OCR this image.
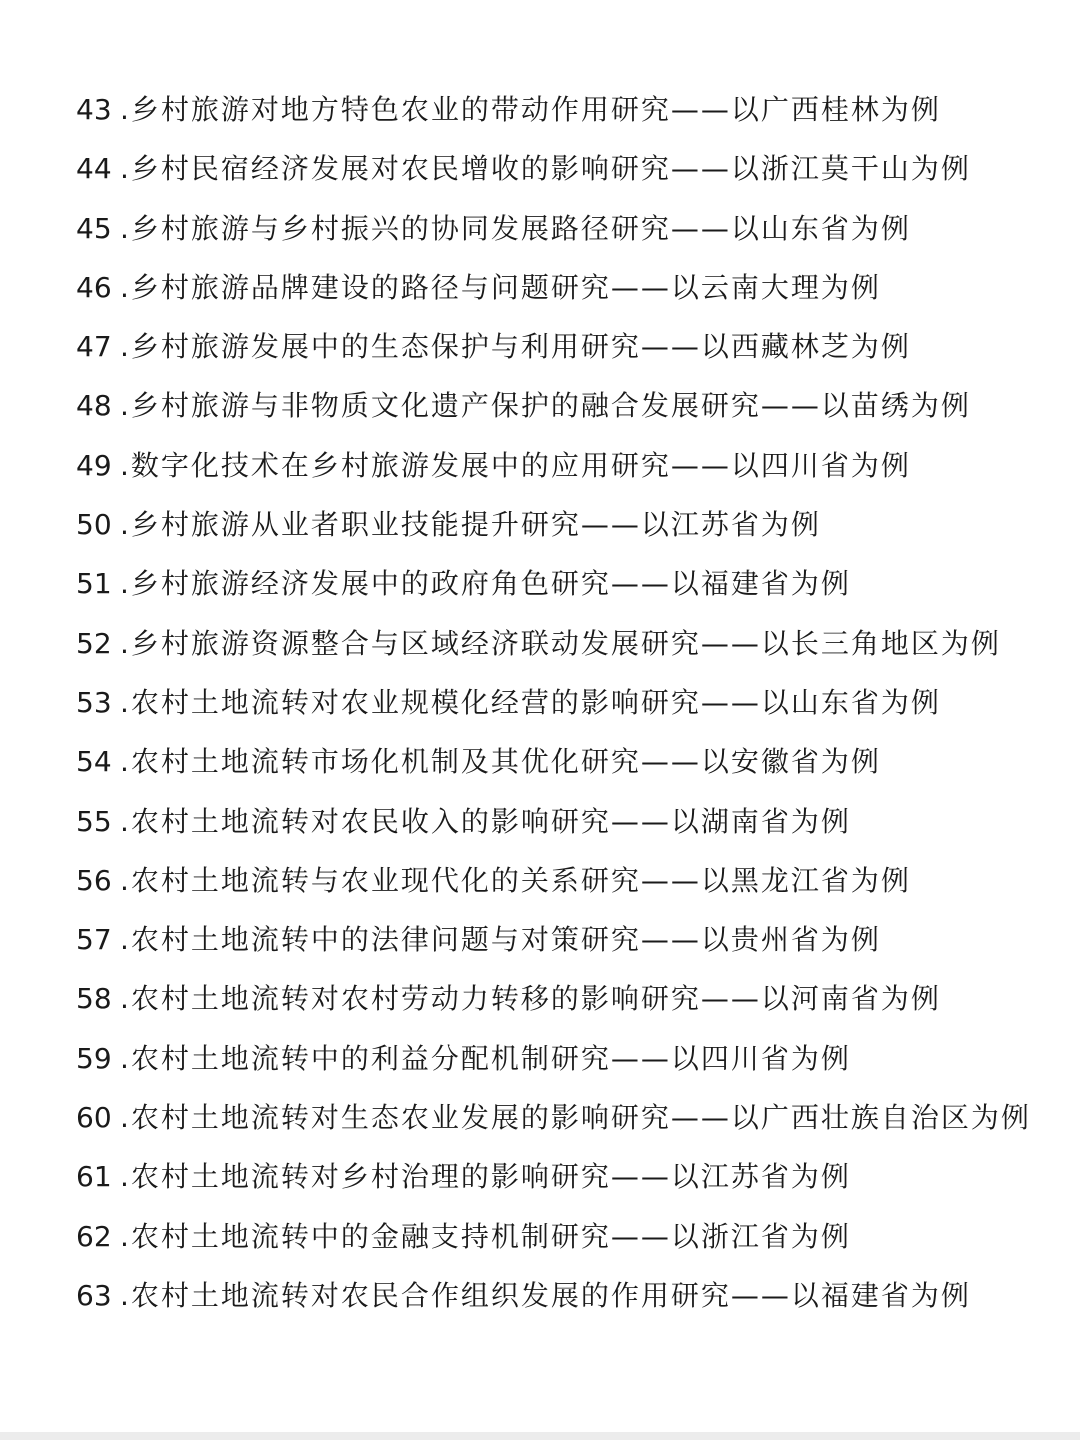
43 . 乡村旅游对地方特色农业的带动作用研究——以广西桂林为例
44 . 乡村民宿经济发展对农民增收的影响研究——以浙江莫干山为例
45 . 乡村旅游与乡村振兴的协同发展路径研究——以山东省为例
46 . 乡村旅游品牌建设的路径与问题研究——以云南大理为例
47 . 乡村旅游发展中的生态保护与利用研究——以西藏林芝为例
48 . 乡村旅游与非物质文化遗产保护的融合发展研究——以苗绣为例
49 . 数字化技术在乡村旅游发展中的应用研究——以四川省为例
50 . 乡村旅游从业者职业技能提升研究——以江苏省为例
51 . 乡村旅游经济发展中的政府角色研究——以福建省为例
52 . 乡村旅游资源整合与区域经济联动发展研究——以长三角地区为例
53 . 农村土地流转对农业规模化经营的影响研究——以山东省为例
54 . 农村土地流转市场化机制及其优化研究——以安徽省为例
55 . 农村土地流转对农民收入的影响研究——以湖南省为例
56 . 农村土地流转与农业现代化的关系研究——以黑龙江省为例
57 . 农村土地流转中的法律问题与对策研究——以贵州省为例
58 . 农村土地流转对农村劳动力转移的影响研究——以河南省为例
59 . 农村土地流转中的利益分配机制研究——以四川省为例
60 . 农村土地流转对生态农业发展的影响研究——以广西壮族自治区为例
61 . 农村土地流转对乡村治理的影响研究——以江苏省为例
62 . 农村土地流转中的金融支持机制研究——以浙江省为例
63 . 农村土地流转对农民合作组织发展的作用研究——以福建省为例
